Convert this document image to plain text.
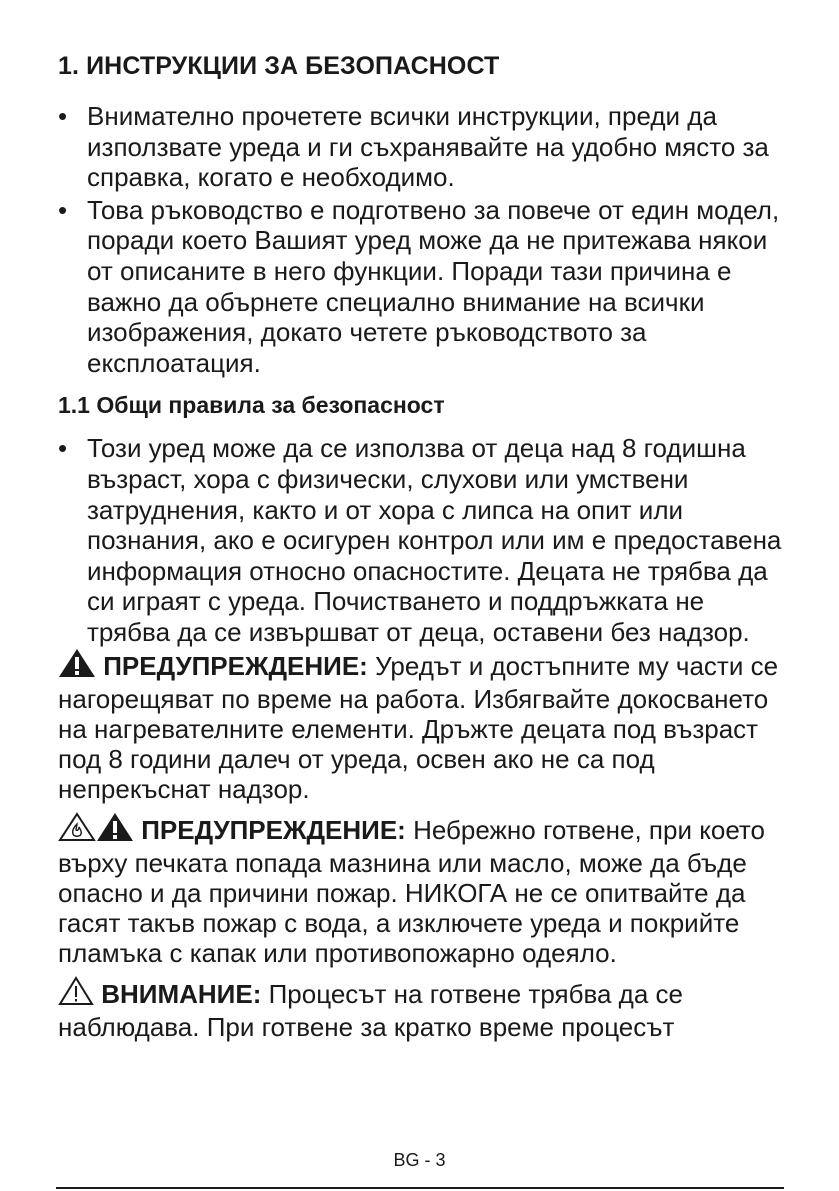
1. ИНСТРУКЦИИ ЗА БЕЗОПАСНОСТ
• Внимателно прочетете всички инструкции, преди да използвате уреда и ги съхранявайте на удобно място за справка, когато е необходимо.
• Това ръководство е подготвено за повече от един модел, поради което Вашият уред може да не притежава някои от описаните в него функции. Поради тази причина е важно да обърнете специално внимание на всички изображения, докато четете ръководството за експлоатация.
1.1 Общи правила за безопасност
• Този уред може да се използва от деца над 8 годишна възраст, хора с физически, слухови или умствени затруднения, както и от хора с липса на опит или познания, ако е осигурен контрол или им е предоставена информация относно опасностите. Децата не трябва да си играят с уреда. Почистването и поддръжката не трябва да се извършват от деца, оставени без надзор.
ПРЕДУПРЕЖДЕНИЕ: Уредът и достъпните му части се нагорещяват по време на работа. Избягвайте докосването на нагревателните елементи. Дръжте децата под възраст под 8 години далеч от уреда, освен ако не са под непрекъснат надзор.
ПРЕДУПРЕЖДЕНИЕ: Небрежно готвене, при което върху печката попада мазнина или масло, може да бъде опасно и да причини пожар. НИКОГА не се опитвайте да гасят такъв пожар с вода, а изключете уреда и покрийте пламъка с капак или противопожарно одеяло.
ВНИМАНИЕ: Процесът на готвене трябва да се наблюдава. При готвене за кратко време процесът
BG - 3
